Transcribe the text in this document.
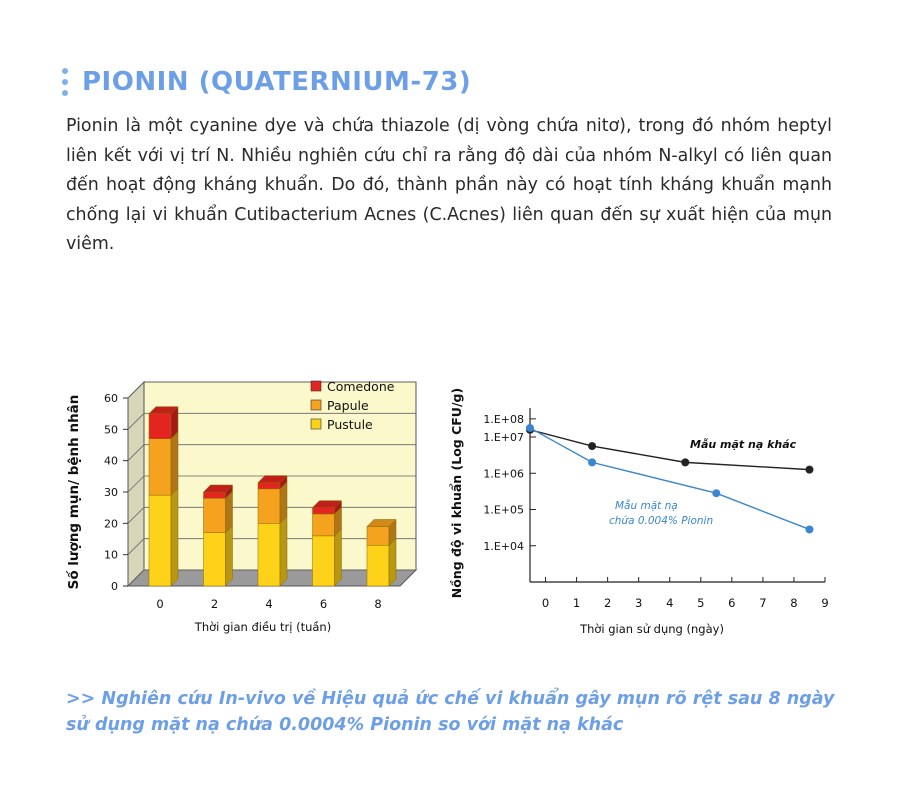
PIONIN (QUATERNIUM-73)

Pionin là một cyanine dye và chứa thiazole (dị vòng chứa nitơ), trong đó nhóm heptyl liên kết với vị trí N. Nhiều nghiên cứu chỉ ra rằng độ dài của nhóm N-alkyl có liên quan đến hoạt động kháng khuẩn. Do đó, thành phần này có hoạt tính kháng khuẩn mạnh chống lại vi khuẩn Cutibacterium Acnes (C.Acnes) liên quan đến sự xuất hiện của mụn viêm.

0
10
20
30
40
50
60
0	2	4	6	8
Comedone
Papule
Pustule
Số lượng mụn/ bệnh nhân
Thời gian điều trị (tuần)
1.E+08
1.E+07
1.E+06
1.E+05
1.E+04
0 1 2 3 4 5 6 7 8 9
Nồng độ vi khuẩn (Log CFU/g)
Thời gian sử dụng (ngày)
Mẫu mặt nạ khác
Mẫu mặt nạ
chứa 0.004% Pionin

>> Nghiên cứu In-vivo về Hiệu quả ức chế vi khuẩn gây mụn rõ rệt sau 8 ngày sử dụng mặt nạ chứa 0.0004% Pionin so với mặt nạ khác
